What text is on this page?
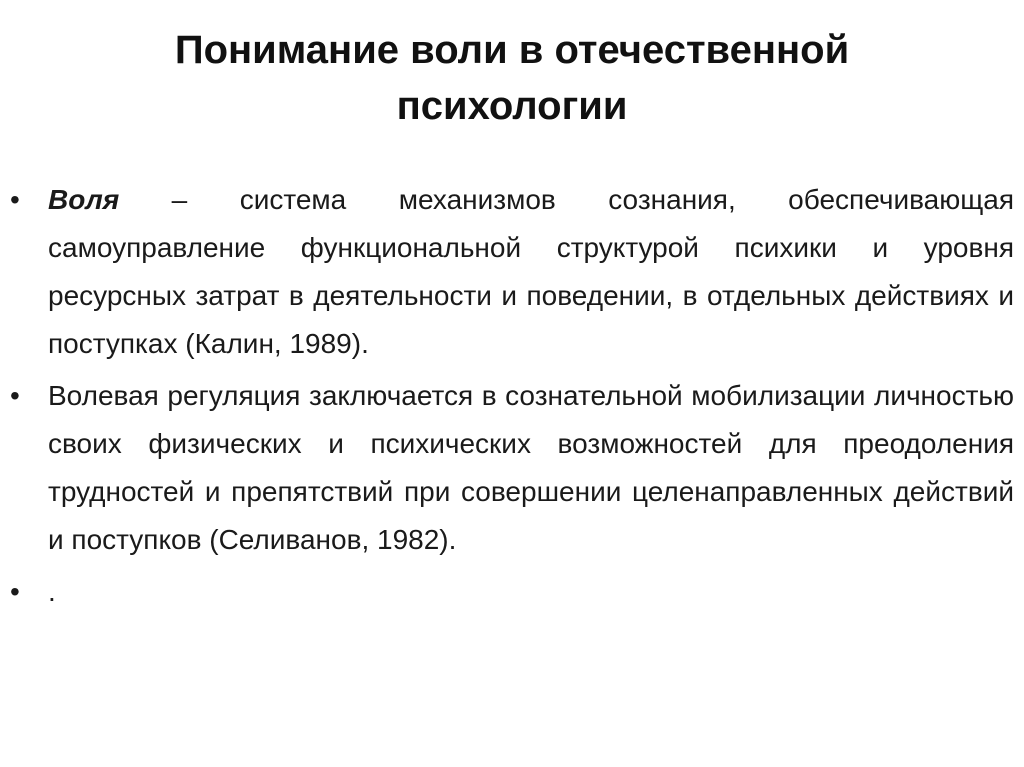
Понимание воли в отечественной психологии
•	Воля – система механизмов сознания, обеспечивающая самоуправление функциональной структурой психики и уровня ресурсных затрат в деятельности и поведении, в отдельных действиях и поступках (Калин, 1989).
•	Волевая регуляция заключается в сознательной мобилизации личностью своих физических и психических возможностей для преодоления трудностей и препятствий при совершении целенаправленных действий и поступков (Селиванов, 1982).
•	.
